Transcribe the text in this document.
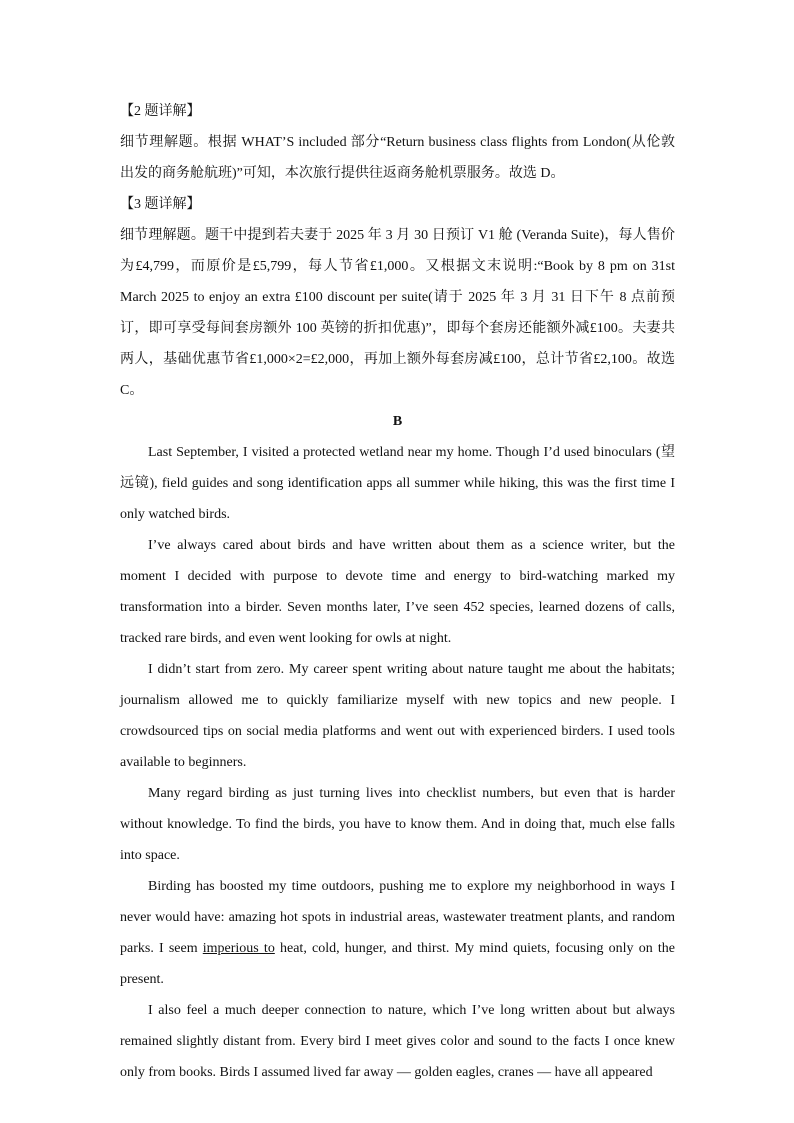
【2 题详解】

细节理解题。根据 WHAT’S included 部分“Return business class flights from London(从伦敦出发的商务舱航班)”可知，本次旅行提供往返商务舱机票服务。故选 D。

【3 题详解】

细节理解题。题干中提到若夫妻于 2025 年 3 月 30 日预订 V1 舱 (Veranda Suite)，每人售价为£4,799，而原价是£5,799，每人节省£1,000。又根据文末说明:“Book by 8 pm on 31st March 2025 to enjoy an extra £100 discount per suite(请于 2025 年 3 月 31 日下午 8 点前预订，即可享受每间套房额外 100 英镑的折扣优惠)”，即每个套房还能额外减£100。夫妻共两人，基础优惠节省£1,000×2=£2,000，再加上额外每套房减£100，总计节省£2,100。故选 C。

B

Last September, I visited a protected wetland near my home. Though I’d used binoculars (望远镜), field guides and song identification apps all summer while hiking, this was the first time I only watched birds.

I’ve always cared about birds and have written about them as a science writer, but the moment I decided with purpose to devote time and energy to bird-watching marked my transformation into a birder. Seven months later, I’ve seen 452 species, learned dozens of calls, tracked rare birds, and even went looking for owls at night.

I didn’t start from zero. My career spent writing about nature taught me about the habitats; journalism allowed me to quickly familiarize myself with new topics and new people. I crowdsourced tips on social media platforms and went out with experienced birders. I used tools available to beginners.

Many regard birding as just turning lives into checklist numbers, but even that is harder without knowledge. To find the birds, you have to know them. And in doing that, much else falls into space.

Birding has boosted my time outdoors, pushing me to explore my neighborhood in ways I never would have: amazing hot spots in industrial areas, wastewater treatment plants, and random parks. I seem imperious to heat, cold, hunger, and thirst. My mind quiets, focusing only on the present.

I also feel a much deeper connection to nature, which I’ve long written about but always remained slightly distant from. Every bird I meet gives color and sound to the facts I once knew only from books. Birds I assumed lived far away — golden eagles, cranes — have all appeared
